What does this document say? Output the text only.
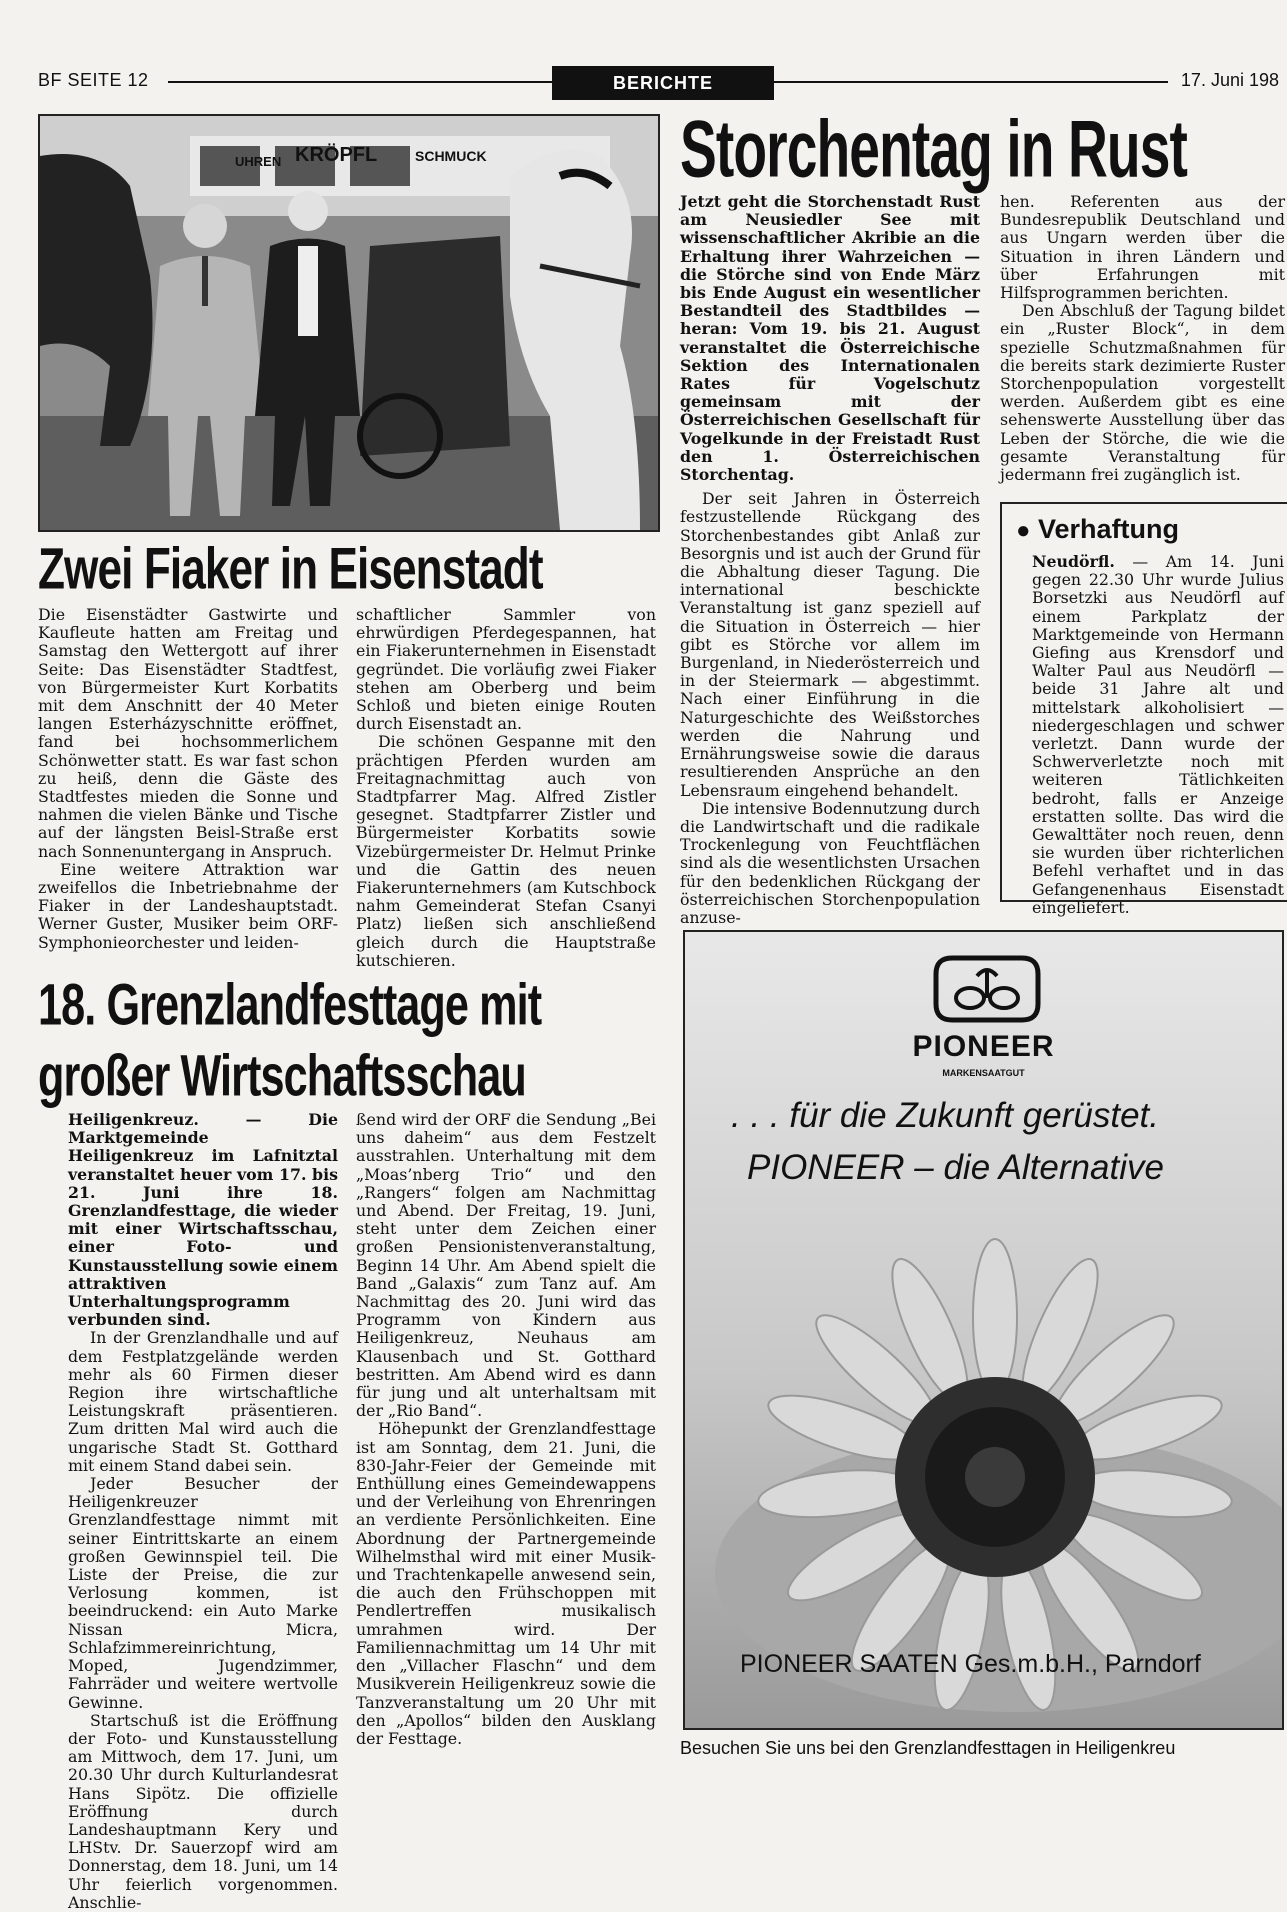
BF SEITE 12	BERICHTE	17. Juni 198
UHREN KRÖPFL	SCHMUCK	Storchentag in Rust

Jetzt geht die Storchenstadt Rust am Neusiedler See mit wissenschaftlicher Akribie an die Erhaltung ihrer Wahrzeichen — die Störche sind von Ende März bis Ende August ein wesentlicher Bestandteil des Stadtbildes — heran: Vom 19. bis 21. August veranstaltet die Österreichische Sektion des Internationalen Rates für Vogelschutz gemeinsam mit der Österreichischen Gesellschaft für Vogelkunde in der Freistadt Rust den 1. Österreichischen Storchentag.

Der seit Jahren in Österreich festzustellende Rückgang des Storchenbestandes gibt Anlaß zur Besorgnis und ist auch der Grund für die Abhaltung dieser Tagung. Die international beschickte Veranstaltung ist ganz speziell auf die Situation in Österreich — hier gibt es Störche vor allem im Burgenland, in Niederösterreich und in der Steiermark — abgestimmt. Nach einer Einführung in die Naturgeschichte des Weißstorches werden die Nahrung und Ernährungsweise sowie die daraus resultierenden Ansprüche an den Lebensraum eingehend behandelt.

Die intensive Bodennutzung durch die Landwirtschaft und die radikale Trockenlegung von Feuchtflächen sind als die wesentlichsten Ursachen für den bedenklichen Rückgang der österreichischen Storchenpopulation anzuse-

hen. Referenten aus der Bundesrepublik Deutschland und aus Ungarn werden über die Situation in ihren Ländern und über Erfahrungen mit Hilfsprogrammen berichten.

Den Abschluß der Tagung bildet ein „Ruster Block“, in dem spezielle Schutzmaßnahmen für die bereits stark dezimierte Ruster Storchenpopulation vorgestellt werden. Außerdem gibt es eine sehenswerte Ausstellung über das Leben der Störche, die wie die gesamte Veranstaltung für jedermann frei zugänglich ist.

● Verhaftung
Neudörfl. — Am 14. Juni gegen 22.30 Uhr wurde Julius Borsetzki aus Neudörfl auf einem Parkplatz der Marktgemeinde von Hermann Giefing aus Krensdorf und Walter Paul aus Neudörfl — beide 31 Jahre alt und mittelstark alkoholisiert — niedergeschlagen und schwer verletzt. Dann wurde der Schwerverletzte noch mit weiteren Tätlichkeiten bedroht, falls er Anzeige erstatten sollte. Das wird die Gewalttäter noch reuen, denn sie wurden über richterlichen Befehl verhaftet und in das Gefangenenhaus Eisenstadt eingeliefert.
Zwei Fiaker in Eisenstadt

Die Eisenstädter Gastwirte und Kaufleute hatten am Freitag und Samstag den Wettergott auf ihrer Seite: Das Eisenstädter Stadtfest, von Bürgermeister Kurt Korbatits mit dem Anschnitt der 40 Meter langen Esterházyschnitte eröffnet, fand bei hochsommerlichem Schönwetter statt. Es war fast schon zu heiß, denn die Gäste des Stadtfestes mieden die Sonne und nahmen die vielen Bänke und Tische auf der längsten Beisl-Straße erst nach Sonnenuntergang in Anspruch.

Eine weitere Attraktion war zweifellos die Inbetriebnahme der Fiaker in der Landeshauptstadt. Werner Guster, Musiker beim ORF-Symphonieorchester und leiden-

schaftlicher Sammler von ehrwürdigen Pferdegespannen, hat ein Fiakerunternehmen in Eisenstadt gegründet. Die vorläufig zwei Fiaker stehen am Oberberg und beim Schloß und bieten einige Routen durch Eisenstadt an.

Die schönen Gespanne mit den prächtigen Pferden wurden am Freitagnachmittag auch von Stadtpfarrer Mag. Alfred Zistler gesegnet. Stadtpfarrer Zistler und Bürgermeister Korbatits sowie Vizebürgermeister Dr. Helmut Prinke und die Gattin des neuen Fiakerunternehmers (am Kutschbock nahm Gemeinderat Stefan Csanyi Platz) ließen sich anschließend gleich durch die Hauptstraße kutschieren.

18. Grenzlandfesttage mit
großer Wirtschaftsschau

Heiligenkreuz. — Die Marktgemeinde Heiligenkreuz im Lafnitztal veranstaltet heuer vom 17. bis 21. Juni ihre 18. Grenzlandfesttage, die wieder mit einer Wirtschaftsschau, einer Foto- und Kunstausstellung sowie einem attraktiven Unterhaltungsprogramm verbunden sind.

In der Grenzlandhalle und auf dem Festplatzgelände werden mehr als 60 Firmen dieser Region ihre wirtschaftliche Leistungskraft präsentieren. Zum dritten Mal wird auch die ungarische Stadt St. Gotthard mit einem Stand dabei sein.

Jeder Besucher der Heiligenkreuzer Grenzlandfesttage nimmt mit seiner Eintrittskarte an einem großen Gewinnspiel teil. Die Liste der Preise, die zur Verlosung kommen, ist beeindruckend: ein Auto Marke Nissan Micra, Schlafzimmereinrichtung, Moped, Jugendzimmer, Fahrräder und weitere wertvolle Gewinne.

Startschuß ist die Eröffnung der Foto- und Kunstausstellung am Mittwoch, dem 17. Juni, um 20.30 Uhr durch Kulturlandesrat Hans Sipötz. Die offizielle Eröffnung durch Landeshauptmann Kery und LHStv. Dr. Sauerzopf wird am Donnerstag, dem 18. Juni, um 14 Uhr feierlich vorgenommen. Anschlie-

ßend wird der ORF die Sendung „Bei uns daheim“ aus dem Festzelt ausstrahlen. Unterhaltung mit dem „Moas’nberg Trio“ und den „Rangers“ folgen am Nachmittag und Abend. Der Freitag, 19. Juni, steht unter dem Zeichen einer großen Pensionistenveranstaltung, Beginn 14 Uhr. Am Abend spielt die Band „Galaxis“ zum Tanz auf. Am Nachmittag des 20. Juni wird das Programm von Kindern aus Heiligenkreuz, Neuhaus am Klausenbach und St. Gotthard bestritten. Am Abend wird es dann für jung und alt unterhaltsam mit der „Rio Band“.

Höhepunkt der Grenzlandfesttage ist am Sonntag, dem 21. Juni, die 830-Jahr-Feier der Gemeinde mit Enthüllung eines Gemeindewappens und der Verleihung von Ehrenringen an verdiente Persönlichkeiten. Eine Abordnung der Partnergemeinde Wilhelmsthal wird mit einer Musik- und Trachtenkapelle anwesend sein, die auch den Frühschoppen mit Pendlertreffen musikalisch umrahmen wird. Der Familiennachmittag um 14 Uhr mit den „Villacher Flaschn“ und dem Musikverein Heiligenkreuz sowie die Tanzveranstaltung um 20 Uhr mit den „Apollos“ bilden den Ausklang der Festtage.

PIONEER
MARKENSAATGUT
. . . für die Zukunft gerüstet.
PIONEER – die Alternative
PIONEER SAATEN Ges.m.b.H., Parndorf
Besuchen Sie uns bei den Grenzlandfesttagen in Heiligenkreu
